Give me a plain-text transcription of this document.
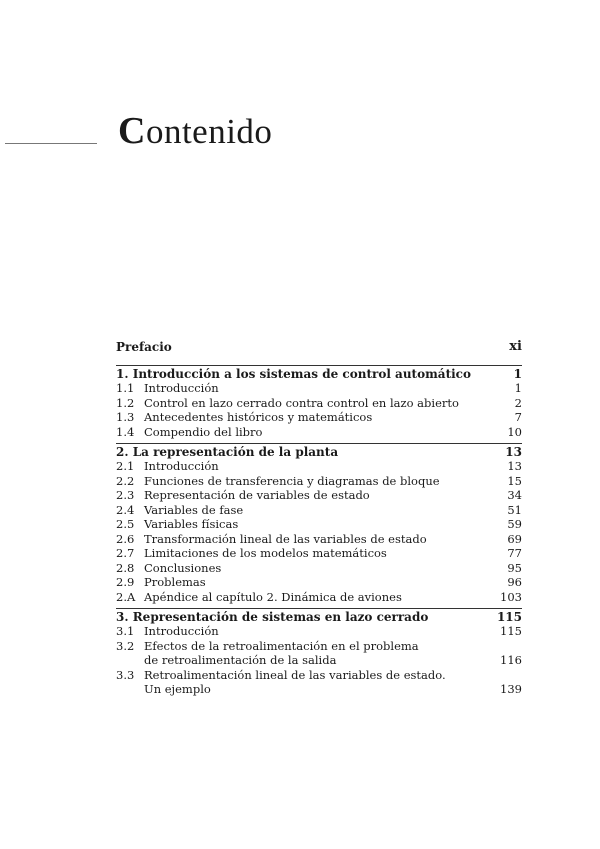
Contenido
Prefacio	xi
1. Introducción a los sistemas de control automático	1
1.1 Introducción	1
1.2 Control en lazo cerrado contra control en lazo abierto	2
1.3 Antecedentes históricos y matemáticos	7
1.4 Compendio del libro	10
2. La representación de la planta	13
2.1 Introducción	13
2.2 Funciones de transferencia y diagramas de bloque	15
2.3 Representación de variables de estado	34
2.4 Variables de fase	51
2.5 Variables físicas	59
2.6 Transformación lineal de las variables de estado	69
2.7 Limitaciones de los modelos matemáticos	77
2.8 Conclusiones	95
2.9 Problemas	96
2.A Apéndice al capítulo 2. Dinámica de aviones	103
3. Representación de sistemas en lazo cerrado	115
3.1 Introducción	115
3.2 Efectos de la retroalimentación en el problema
de retroalimentación de la salida	116
3.3 Retroalimentación lineal de las variables de estado.
Un ejemplo	139
